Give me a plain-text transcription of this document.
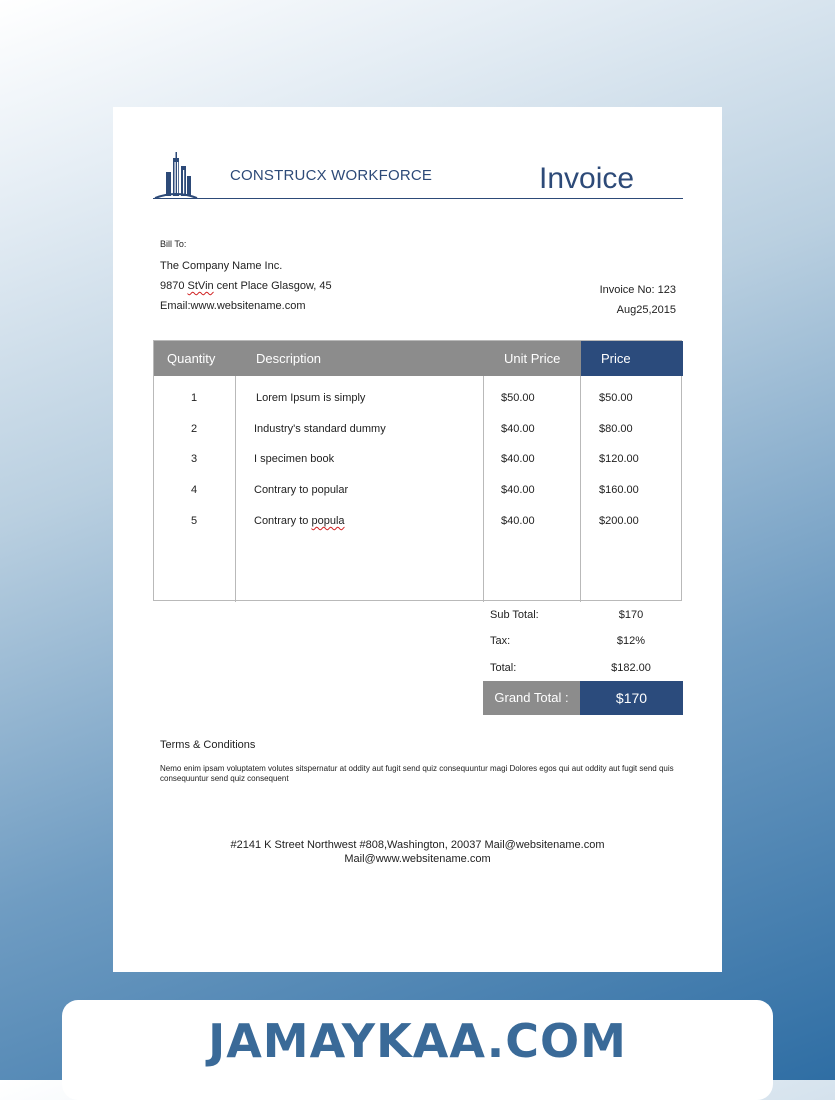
CONSTRUCX WORKFORCE	Invoice
Bill To:
The Company Name Inc.
9870 StVin cent Place Glasgow, 45
Email:www.websitename.com
Invoice No: 123
Aug25,2015
Quantity	Description	Unit Price	Price
1	Lorem Ipsum is simply	$50.00	$50.00
2	Industry's standard dummy	$40.00	$80.00
3	I specimen book	$40.00	$120.00
4	Contrary to popular	$40.00	$160.00
5	Contrary to popula	$40.00	$200.00
Sub Total:	$170
Tax:	$12%
Total:	$182.00
Grand Total :	$170
Terms & Conditions
Nemo enim ipsam voluptatem volutes sitspernatur at oddity aut fugit send quiz consequuntur magi Dolores egos qui aut oddity aut fugit send quis consequuntur send quiz consequent
#2141 K Street Northwest #808,Washington, 20037 Mail@websitename.com
Mail@www.websitename.com
JAMAYKAA.COM
